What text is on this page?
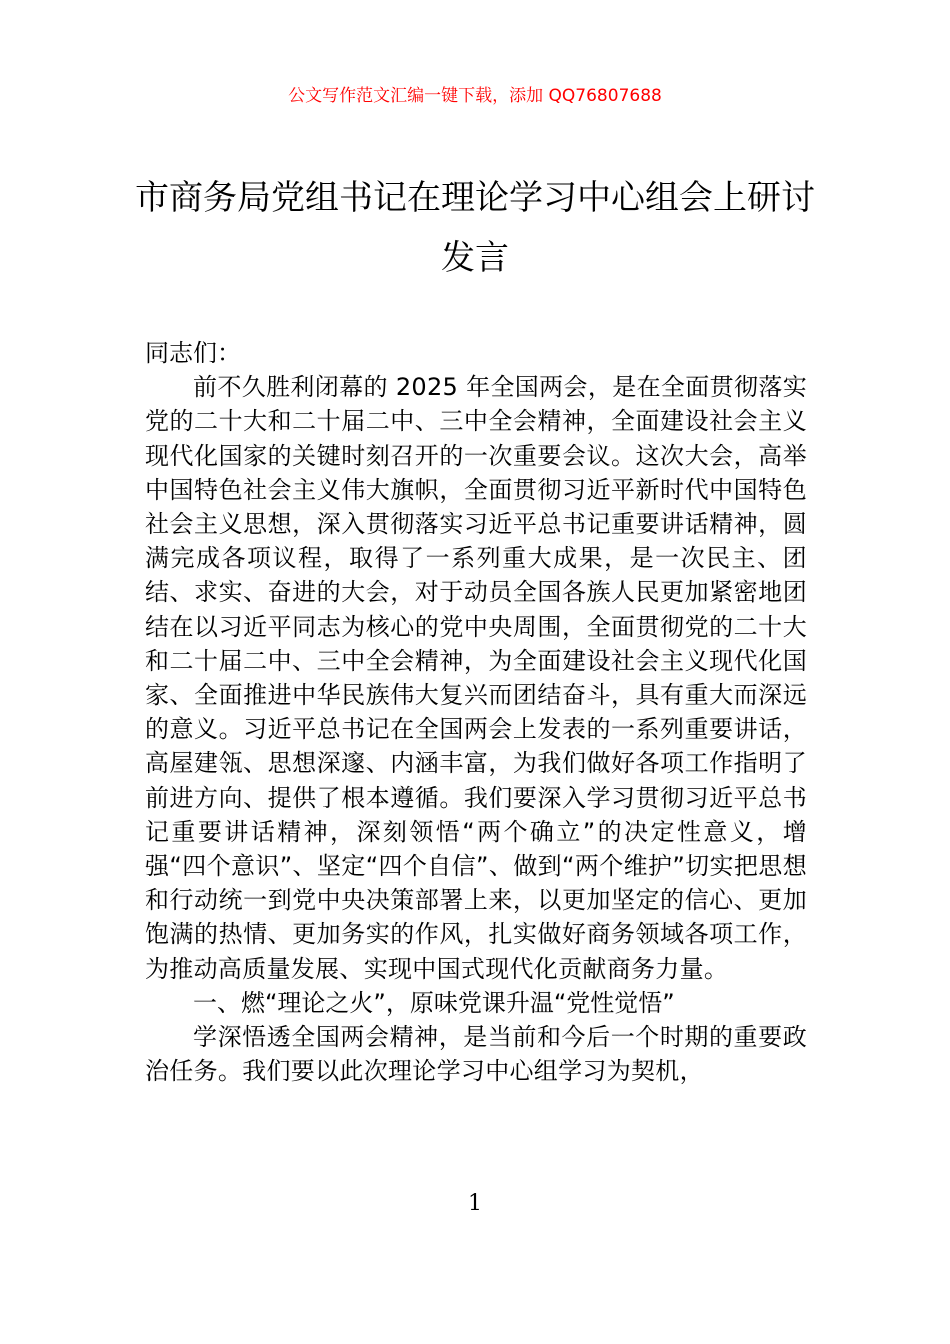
公文写作范文汇编一键下载，添加 QQ76807688
市商务局党组书记在理论学习中心组会上研讨发言

同志们：

前不久胜利闭幕的 2025 年全国两会，是在全面贯彻落实党的二十大和二十届二中、三中全会精神，全面建设社会主义现代化国家的关键时刻召开的一次重要会议。这次大会，高举中国特色社会主义伟大旗帜，全面贯彻习近平新时代中国特色社会主义思想，深入贯彻落实习近平总书记重要讲话精神，圆满完成各项议程，取得了一系列重大成果，是一次民主、团结、求实、奋进的大会，对于动员全国各族人民更加紧密地团结在以习近平同志为核心的党中央周围，全面贯彻党的二十大和二十届二中、三中全会精神，为全面建设社会主义现代化国家、全面推进中华民族伟大复兴而团结奋斗，具有重大而深远的意义。习近平总书记在全国两会上发表的一系列重要讲话，高屋建瓴、思想深邃、内涵丰富，为我们做好各项工作指明了前进方向、提供了根本遵循。我们要深入学习贯彻习近平总书记重要讲话精神，深刻领悟“两个确立”的决定性意义，增强“四个意识”、坚定“四个自信”、做到“两个维护”切实把思想和行动统一到党中央决策部署上来，以更加坚定的信心、更加饱满的热情、更加务实的作风，扎实做好商务领域各项工作，为推动高质量发展、实现中国式现代化贡献商务力量。

一、燃“理论之火”，原味党课升温“党性觉悟”

学深悟透全国两会精神，是当前和今后一个时期的重要政治任务。我们要以此次理论学习中心组学习为契机，

1
